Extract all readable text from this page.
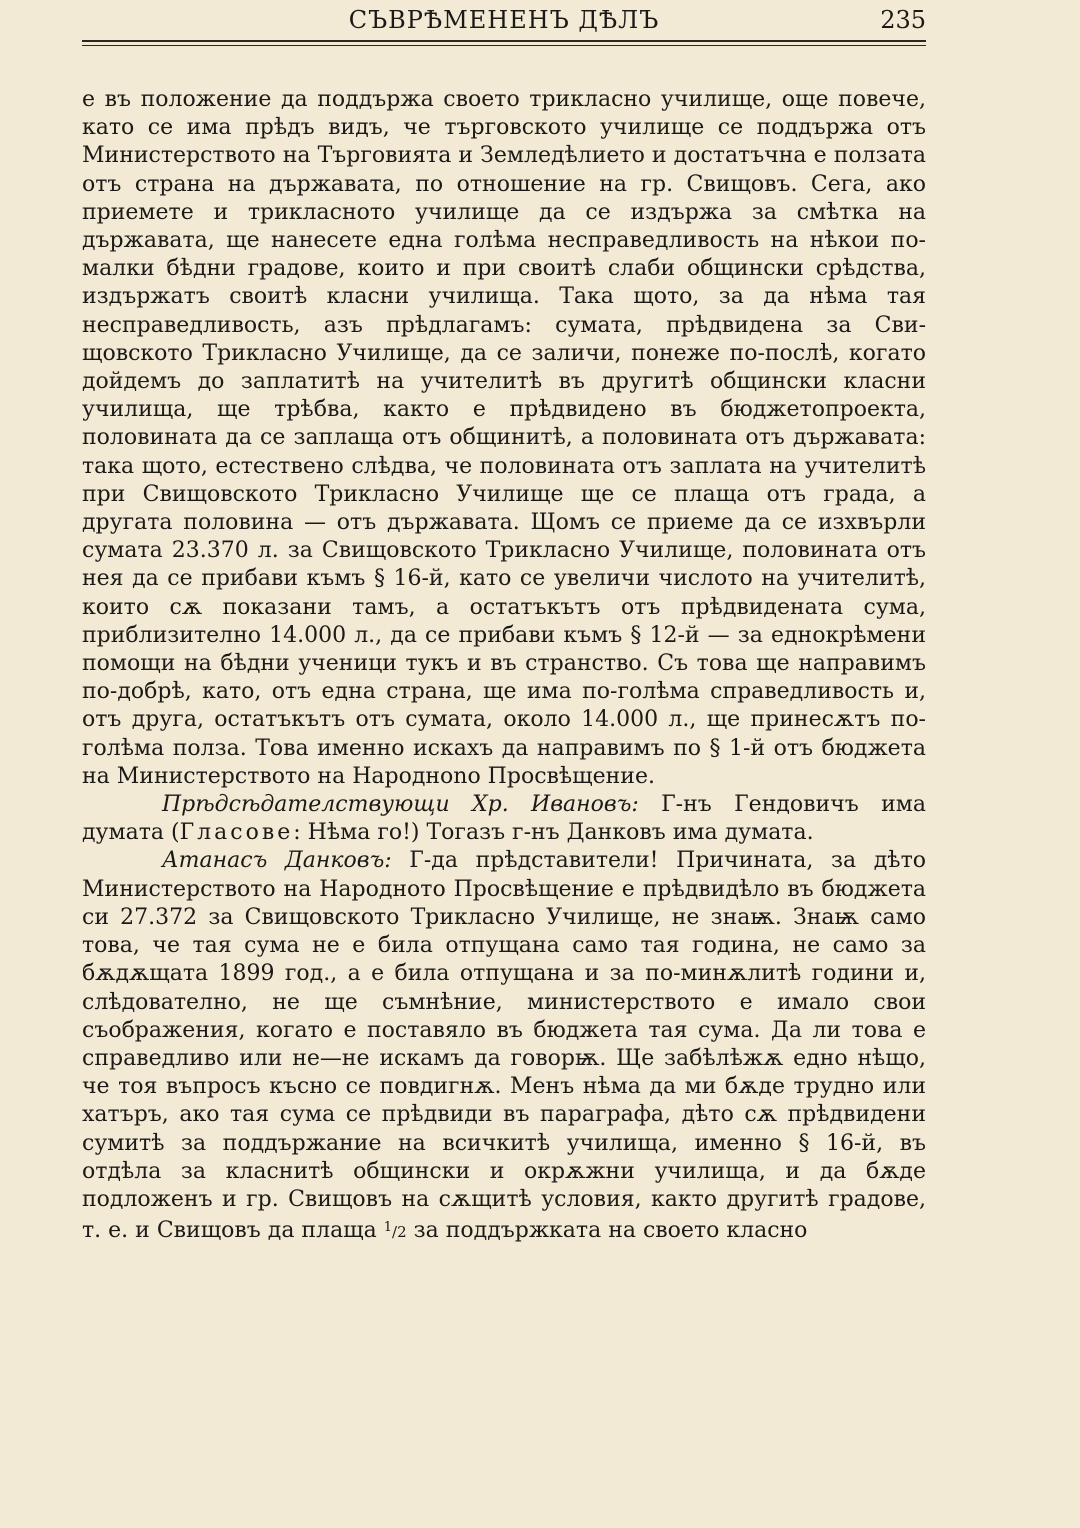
СЪВРѢМЕНЕНЪ ДѢЛЪ	235

е въ положение да поддържа своето трикласно училище, още повече, като се има прѣдъ видъ, че търговското училище се поддържа отъ Министерството на Търговията и Земледѣлието и достатъчна е ползата отъ страна на държавата, по отношение на гр. Свищовъ. Сега, ако приемете и трикласното училище да се издържа за смѣтка на държавата, ще нанесете една голѣма несправедливость на нѣкои по-малки бѣдни градове, които и при своитѣ слаби общински срѣдства, издържатъ своитѣ класни училища. Така щото, за да нѣма тая несправедливость, азъ прѣдлагамъ: сумата, прѣдвидена за Свищовското Трикласно Училище, да се заличи, понеже по-послѣ, когато дойдемъ до заплатитѣ на учителитѣ въ другитѣ общински класни училища, ще трѣбва, както е прѣдвидено въ бюджетопроекта, половината да се заплаща отъ общинитѣ, а половината отъ държавата: така щото, естествено слѣдва, че половината отъ заплата на учителитѣ при Свищовското Трикласно Училище ще се плаща отъ града, а другата половина — отъ държавата. Щомъ се приеме да се изхвърли сумата 23.370 л. за Свищовското Трикласно Училище, половината отъ нея да се прибави къмъ § 16-й, като се увеличи числото на учителитѣ, които сѫ показани тамъ, а остатъкътъ отъ прѣдвидената сума, приблизително 14.000 л., да се прибави къмъ § 12-й — за еднокрѣмени помощи на бѣдни ученици тукъ и въ странство. Съ това ще направимъ по-добрѣ, като, отъ една страна, ще има по-голѣма справедливость и, отъ друга, остатъкътъ отъ сумата, около 14.000 л., ще принесѫтъ по-голѣма полза. Това именно искахъ да направимъ по § 1-й отъ бюджета на Министерството на Народнono Просвѣщение.

Прѣдсѣдателствующи Хр. Ивановъ: Г-нъ Гендовичъ има думата (Гласове: Нѣма го!) Тогазъ г-нъ Данковъ има думата.

Атанасъ Данковъ: Г-да прѣдставители! Причината, за дѣто Министерството на Народното Просвѣщение е прѣдвидѣло въ бюджета си 27.372 за Свищовското Трикласно Училище, не знаѭ. Знаѭ само това, че тая сума не е била отпущана само тая година, не само за бѫдѫщата 1899 год., а е била отпущана и за по-минѫлитѣ години и, слѣдователно, не ще съмнѣние, министерството е имало свои съображения, когато е поставяло въ бюджета тая сума. Да ли това е справедливо или не—не искамъ да говорѭ. Ще забѣлѣжѫ едно нѣщо, че тоя въпросъ късно се повдигнѫ. Менъ нѣма да ми бѫде трудно или хатъръ, ако тая сума се прѣдвиди въ параграфа, дѣто сѫ прѣдвидени сумитѣ за поддържание на всичкитѣ училища, именно § 16-й, въ отдѣла за класнитѣ общински и окрѫжни училища, и да бѫде подложенъ и гр. Свищовъ на сѫщитѣ условия, както другитѣ градове, т. е. и Свищовъ да плаща $^1$/2 за поддържката на своето класно
